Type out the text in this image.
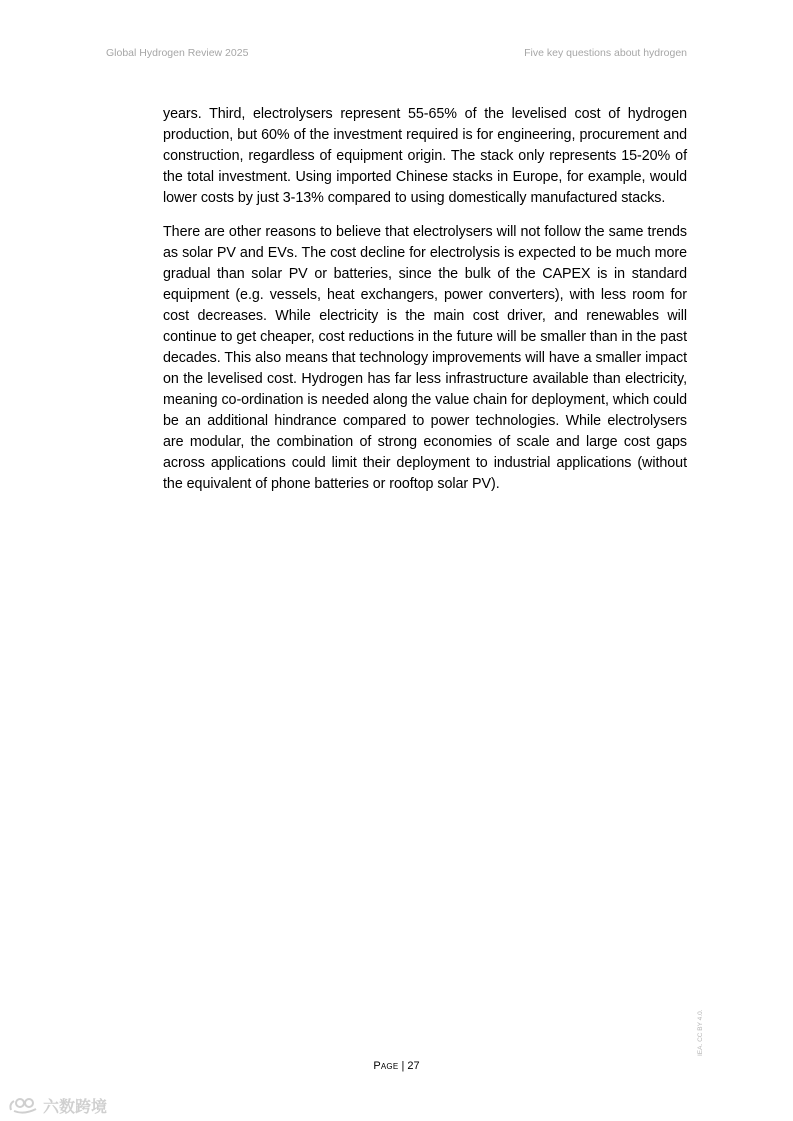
Global Hydrogen Review 2025	Five key questions about hydrogen

years. Third, electrolysers represent 55-65% of the levelised cost of hydrogen production, but 60% of the investment required is for engineering, procurement and construction, regardless of equipment origin. The stack only represents 15-20% of the total investment. Using imported Chinese stacks in Europe, for example, would lower costs by just 3-13% compared to using domestically manufactured stacks.

There are other reasons to believe that electrolysers will not follow the same trends as solar PV and EVs. The cost decline for electrolysis is expected to be much more gradual than solar PV or batteries, since the bulk of the CAPEX is in standard equipment (e.g. vessels, heat exchangers, power converters), with less room for cost decreases. While electricity is the main cost driver, and renewables will continue to get cheaper, cost reductions in the future will be smaller than in the past decades. This also means that technology improvements will have a smaller impact on the levelised cost. Hydrogen has far less infrastructure available than electricity, meaning co-ordination is needed along the value chain for deployment, which could be an additional hindrance compared to power technologies. While electrolysers are modular, the combination of strong economies of scale and large cost gaps across applications could limit their deployment to industrial applications (without the equivalent of phone batteries or rooftop solar PV).

Page | 27
IEA. CC BY 4.0.
六数跨境
